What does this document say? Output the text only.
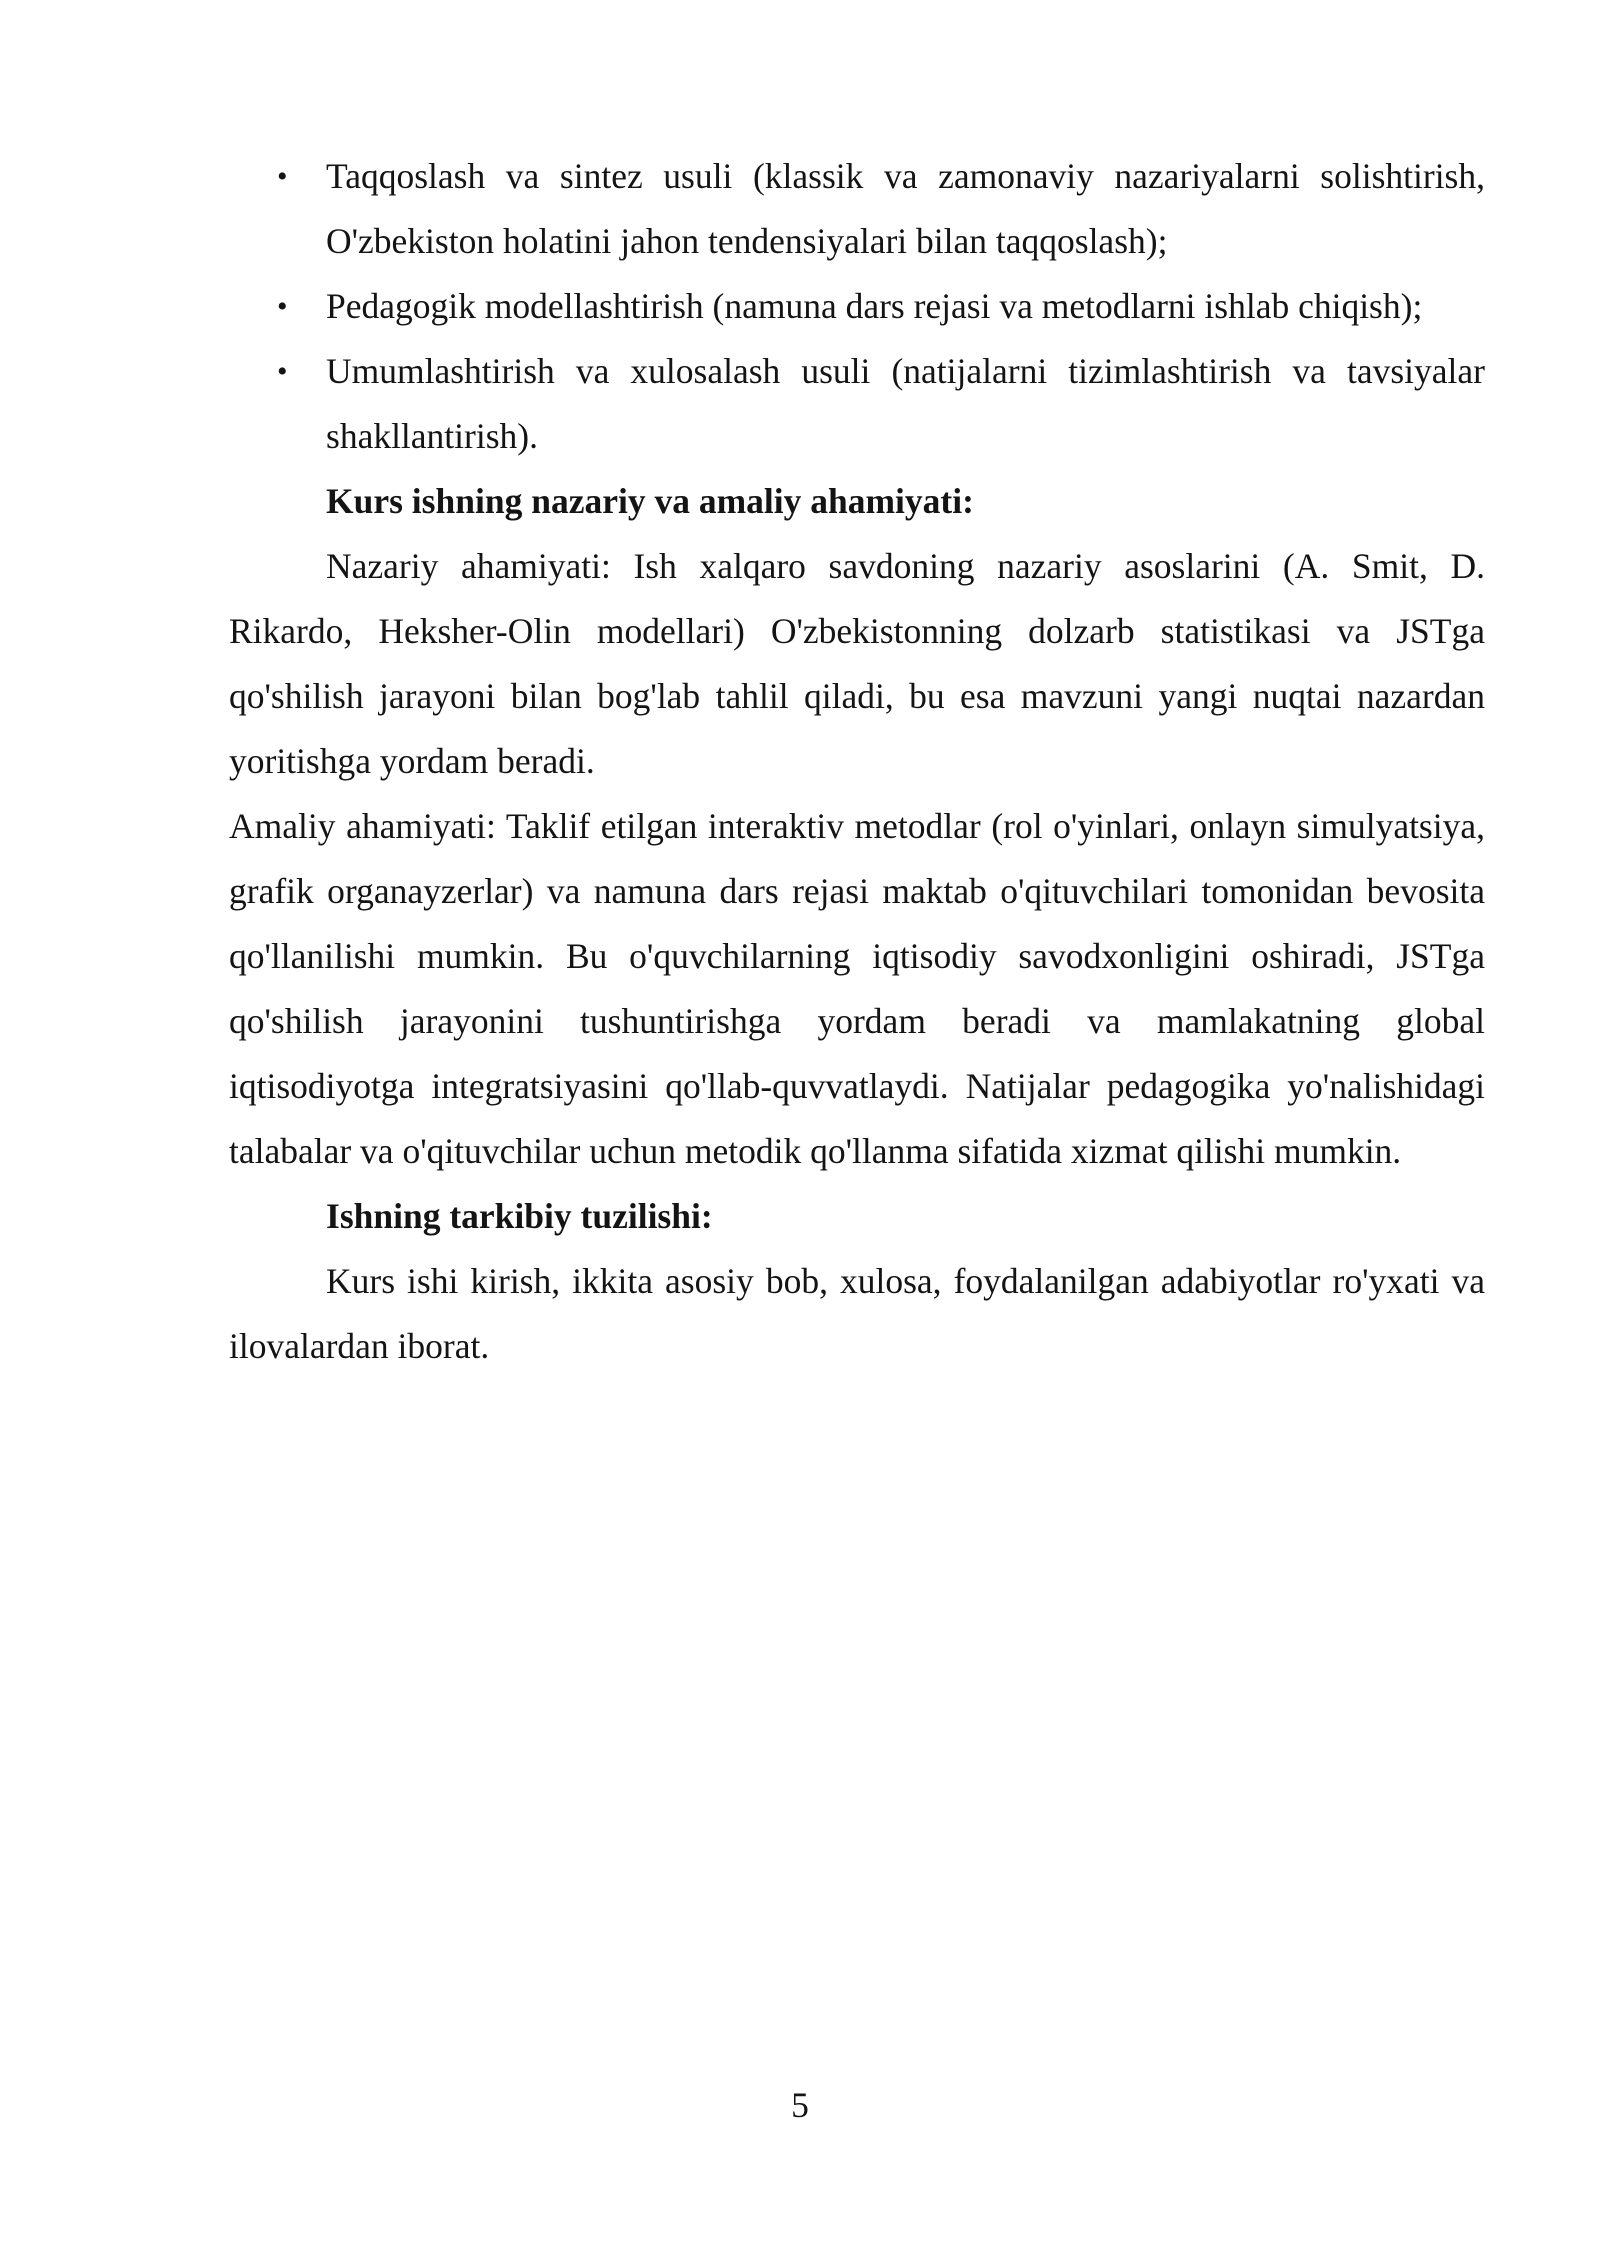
• Taqqoslash va sintez usuli (klassik va zamonaviy nazariyalarni solishtirish, O'zbekiston holatini jahon tendensiyalari bilan taqqoslash);
• Pedagogik modellashtirish (namuna dars rejasi va metodlarni ishlab chiqish);
• Umumlashtirish va xulosalash usuli (natijalarni tizimlashtirish va tavsiyalar shakllantirish).

Kurs ishning nazariy va amaliy ahamiyati:

Nazariy ahamiyati: Ish xalqaro savdoning nazariy asoslarini (A. Smit, D. Rikardo, Heksher-Olin modellari) O'zbekistonning dolzarb statistikasi va JSTga qo'shilish jarayoni bilan bog'lab tahlil qiladi, bu esa mavzuni yangi nuqtai nazardan yoritishga yordam beradi.

Amaliy ahamiyati: Taklif etilgan interaktiv metodlar (rol o'yinlari, onlayn simulyatsiya, grafik organayzerlar) va namuna dars rejasi maktab o'qituvchilari tomonidan bevosita qo'llanilishi mumkin. Bu o'quvchilarning iqtisodiy savodxonligini oshiradi, JSTga qo'shilish jarayonini tushuntirishga yordam beradi va mamlakatning global iqtisodiyotga integratsiyasini qo'llab-quvvatlaydi. Natijalar pedagogika yo'nalishidagi talabalar va o'qituvchilar uchun metodik qo'llanma sifatida xizmat qilishi mumkin.

Ishning tarkibiy tuzilishi:

Kurs ishi kirish, ikkita asosiy bob, xulosa, foydalanilgan adabiyotlar ro'yxati va ilovalardan iborat.

5
